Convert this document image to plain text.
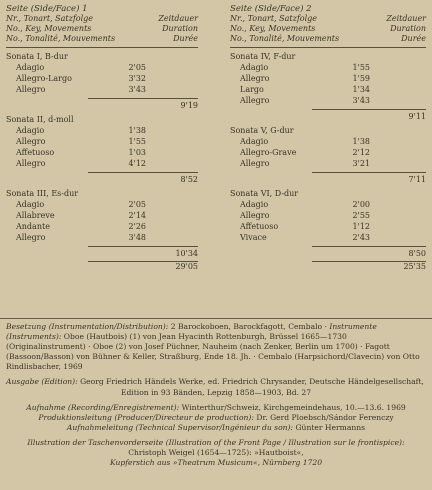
Seite (Side/Face) 1
Nr., Tonart, Satzfolge	Zeitdauer
No., Key, Movements	Duration
No., Tonalité, Mouvements	Durée
Sonata I, B-dur
Adagio	2'05
Allegro-Largo	3'32
Allegro	3'43
9'19
Sonata II, d-moll
Adagio	1'38
Allegro	1'55
Affetuoso	1'03
Allegro	4'12
8'52
Sonata III, Es-dur
Adagio	2'05
Allabreve	2'14
Andante	2'26
Allegro	3'48
10'34
29'05
Seite (Side/Face) 2
Nr., Tonart, Satzfolge	Zeitdauer
No., Key, Movements	Duration
No., Tonalité, Mouvements	Durée
Sonata IV, F-dur
Adagio	1'55
Allegro	1'59
Largo	1'34
Allegro	3'43
9'11
Sonata V, G-dur
Adagio	1'38
Allegro-Grave	2'12
Allegro	3'21
7'11
Sonata VI, D-dur
Adagio	2'00
Allegro	2'55
Affetuoso	1'12
Vivace	2'43
8'50
25'35
Besetzung (Instrumentation/Distribution): 2 Barockoboen, Barockfagott, Cembalo · Instrumente (Instruments): Oboe (Hautbois) (1) von Jean Hyacinth Rottenburgh, Brüssel 1665—1730 (Originalinstrument) · Oboe (2) von Josef Püchner, Nauheim (nach Zenker, Berlin um 1700) · Fagott (Bassoon/Basson) von Bühner & Keller, Straßburg, Ende 18. Jh. · Cembalo (Harpsichord/Clavecin) von Otto Rindlisbacher, 1969
Ausgabe (Edition): Georg Friedrich Händels Werke, ed. Friedrich Chrysander, Deutsche Händelgesellschaft,
Edition in 93 Bänden, Lepzig 1858—1903, Bd. 27
Aufnahme (Recording/Enregistrement): Winterthur/Schweiz, Kirchgemeindehaus, 10.—13.6. 1969
Produktionsleitung (Producer/Directeur de production): Dr. Gerd Ploebsch/Sándor Ferenczy
Aufnahmeleitung (Technical Supervisor/Ingénieur du son): Günter Hermanns
Illustration der Taschenvorderseite (Illustration of the Front Page / Illustration sur le frontispice):
Christoph Weigel (1654—1725): »Hautboist«,
Kupferstich aus »Theatrum Musicum«, Nürnberg 1720
